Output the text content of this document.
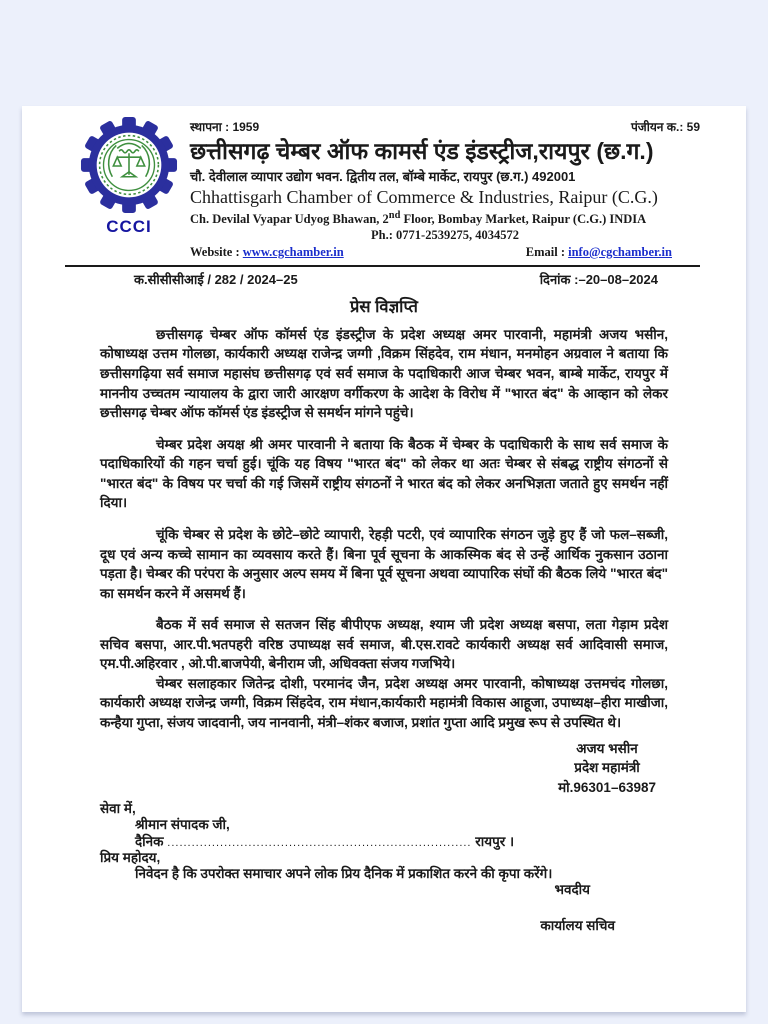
CCCI
स्थापना : 1959	पंजीयन क.: 59
छत्तीसगढ़ चेम्बर ऑफ कामर्स एंड इंडस्ट्रीज,रायपुर (छ.ग.)
चौ. देवीलाल व्यापार उद्योग भवन. द्वितीय तल, बॉम्बे मार्केट, रायपुर (छ.ग.) 492001
Chhattisgarh Chamber of Commerce & Industries, Raipur (C.G.)
Ch. Devilal Vyapar Udyog Bhawan, 2nd Floor, Bombay Market, Raipur (C.G.) INDIA
Ph.: 0771-2539275, 4034572
Website : www.cgchamber.in	Email : info@cgchamber.in
क.सीसीसीआई / 282 / 2024–25	दिनांक :–20–08–2024
प्रेस विज्ञप्ति

छत्तीसगढ़ चेम्बर ऑफ कॉमर्स एंड इंडस्ट्रीज के प्रदेश अध्यक्ष अमर पारवानी, महामंत्री अजय भसीन, कोषाध्यक्ष उत्तम गोलछा, कार्यकारी अध्यक्ष राजेन्द्र जग्गी ,विक्रम सिंहदेव, राम मंधान, मनमोहन अग्रवाल ने बताया कि छत्तीसगढ़िया सर्व समाज महासंघ छत्तीसगढ़ एवं सर्व समाज के पदाधिकारी आज चेम्बर भवन, बाम्बे मार्केट, रायपुर में माननीय उच्चतम न्यायालय के द्वारा जारी आरक्षण वर्गीकरण के आदेश के विरोध में "भारत बंद" के आव्हान को लेकर छत्तीसगढ़ चेम्बर ऑफ कॉमर्स एंड इंडस्ट्रीज से समर्थन मांगने पहुंचे।

चेम्बर प्रदेश अयक्ष श्री अमर पारवानी ने बताया कि बैठक में चेम्बर के पदाधिकारी के साथ सर्व समाज के पदाधिकारियों की गहन चर्चा हुई। चूंकि यह विषय "भारत बंद" को लेकर था अतः चेम्बर से संबद्ध राष्ट्रीय संगठनों से "भारत बंद" के विषय पर चर्चा की गई जिसमें राष्ट्रीय संगठनों ने भारत बंद को लेकर अनभिज्ञता जताते हुए समर्थन नहीं दिया।

चूंकि चेम्बर से प्रदेश के छोटे–छोटे व्यापारी, रेहड़ी पटरी, एवं व्यापारिक संगठन जुड़े हुए हैं जो फल–सब्जी, दूध एवं अन्य कच्चे सामान का व्यवसाय करते हैं। बिना पूर्व सूचना के आकस्मिक बंद से उन्हें आर्थिक नुकसान उठाना पड़ता है। चेम्बर की परंपरा के अनुसार अल्प समय में बिना पूर्व सूचना अथवा व्यापारिक संघों की बैठक लिये "भारत बंद" का समर्थन करने में असमर्थ हैं।

बैठक में सर्व समाज से सतजन सिंह बीपीएफ अध्यक्ष, श्याम जी प्रदेश अध्यक्ष बसपा, लता गेड़ाम प्रदेश सचिव बसपा, आर.पी.भतपहरी वरिष्ठ उपाध्यक्ष सर्व समाज, बी.एस.रावटे कार्यकारी अध्यक्ष सर्व आदिवासी समाज, एम.पी.अहिरवार , ओ.पी.बाजपेयी, बेनीराम जी, अधिवक्ता संजय गजभिये।

चेम्बर सलाहकार जितेन्द्र दोशी, परमानंद जैन, प्रदेश अध्यक्ष अमर पारवानी, कोषाध्यक्ष उत्तमचंद गोलछा, कार्यकारी अध्यक्ष राजेन्द्र जग्गी, विक्रम सिंहदेव, राम मंधान,कार्यकारी महामंत्री विकास आहूजा, उपाध्यक्ष–हीरा माखीजा, कन्हैया गुप्ता, संजय जादवानी, जय नानवानी, मंत्री–शंकर बजाज, प्रशांत गुप्ता आदि प्रमुख रूप से उपस्थित थे।

अजय भसीन
प्रदेश महामंत्री
मो.96301–63987
सेवा में,
श्रीमान संपादक जी,
दैनिक ........................................................................... रायपुर ।
प्रिय महोदय,
निवेदन है कि उपरोक्त समाचार अपने लोक प्रिय दैनिक में प्रकाशित करने की कृपा करेंगे।
भवदीय
कार्यालय सचिव
